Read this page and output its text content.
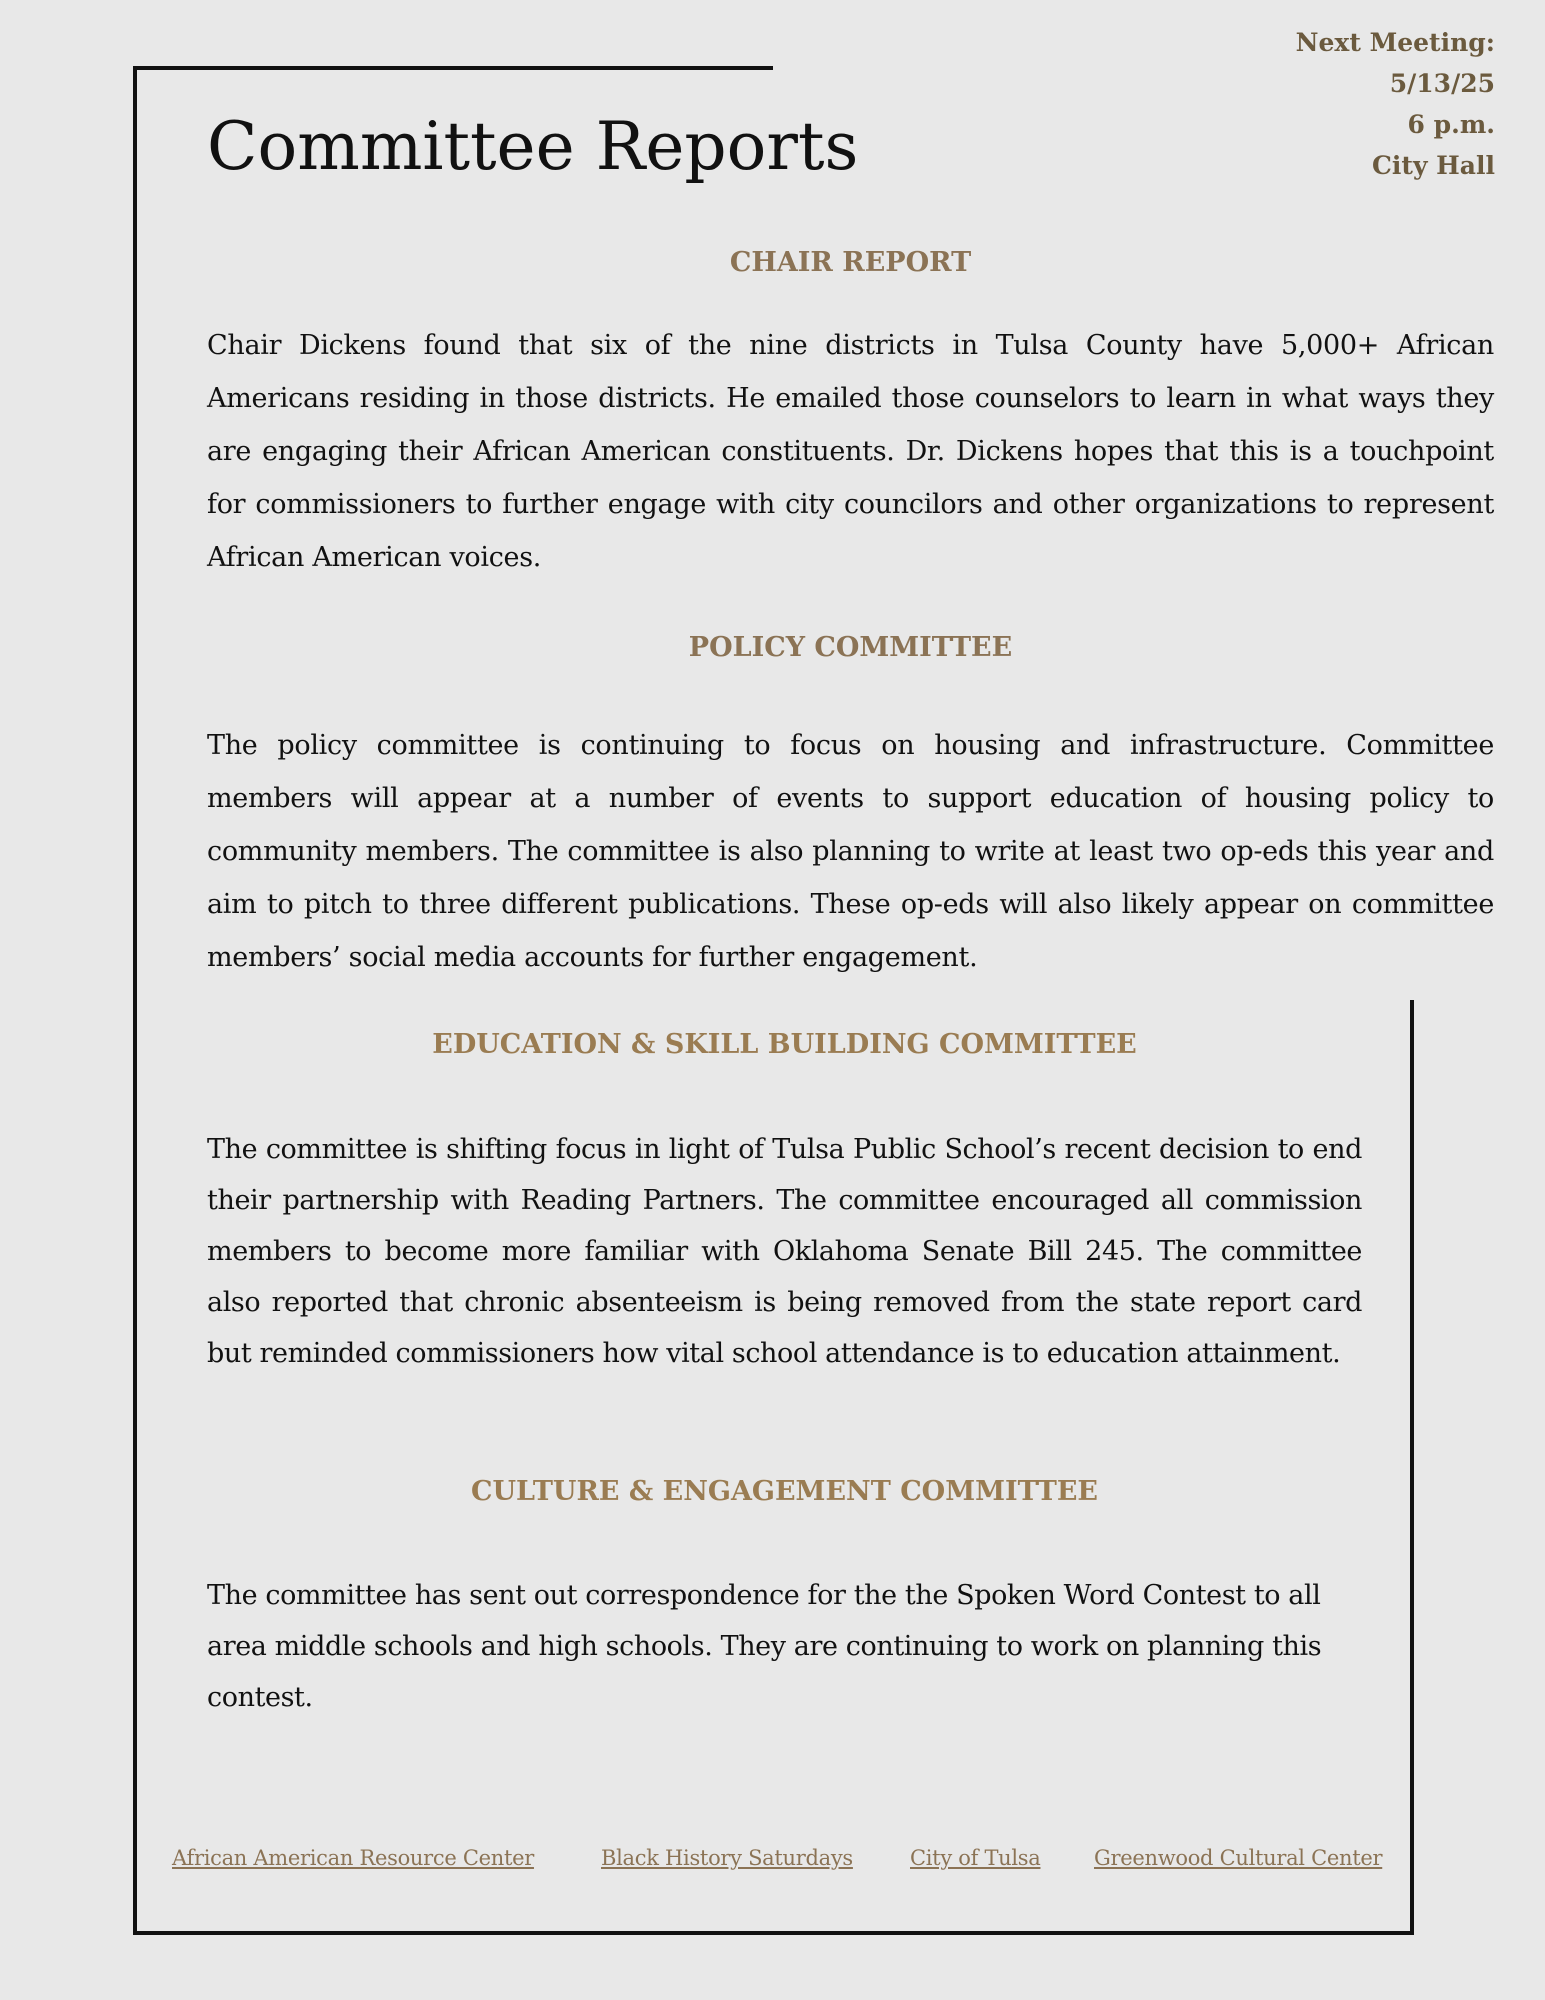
Next Meeting:
5/13/25
6 p.m.
City Hall
Committee Reports
CHAIR REPORT

Chair Dickens found that six of the nine districts in Tulsa County have 5,000+ African Americans residing in those districts. He emailed those counselors to learn in what ways they are engaging their African American constituents. Dr. Dickens hopes that this is a touchpoint for commissioners to further engage with city councilors and other organizations to represent African American voices.

POLICY COMMITTEE

The policy committee is continuing to focus on housing and infrastructure. Committee members will appear at a number of events to support education of housing policy to community members. The committee is also planning to write at least two op-eds this year and aim to pitch to three different publications. These op-eds will also likely appear on committee members’ social media accounts for further engagement.

EDUCATION & SKILL BUILDING COMMITTEE

The committee is shifting focus in light of Tulsa Public School’s recent decision to end their partnership with Reading Partners. The committee encouraged all commission members to become more familiar with Oklahoma Senate Bill 245. The committee also reported that chronic absenteeism is being removed from the state report card but reminded commissioners how vital school attendance is to education attainment.

CULTURE & ENGAGEMENT COMMITTEE

The committee has sent out correspondence for the the Spoken Word Contest to all area middle schools and high schools. They are continuing to work on planning this contest.

African American Resource Center	Black History Saturdays	City of Tulsa	Greenwood Cultural Center
